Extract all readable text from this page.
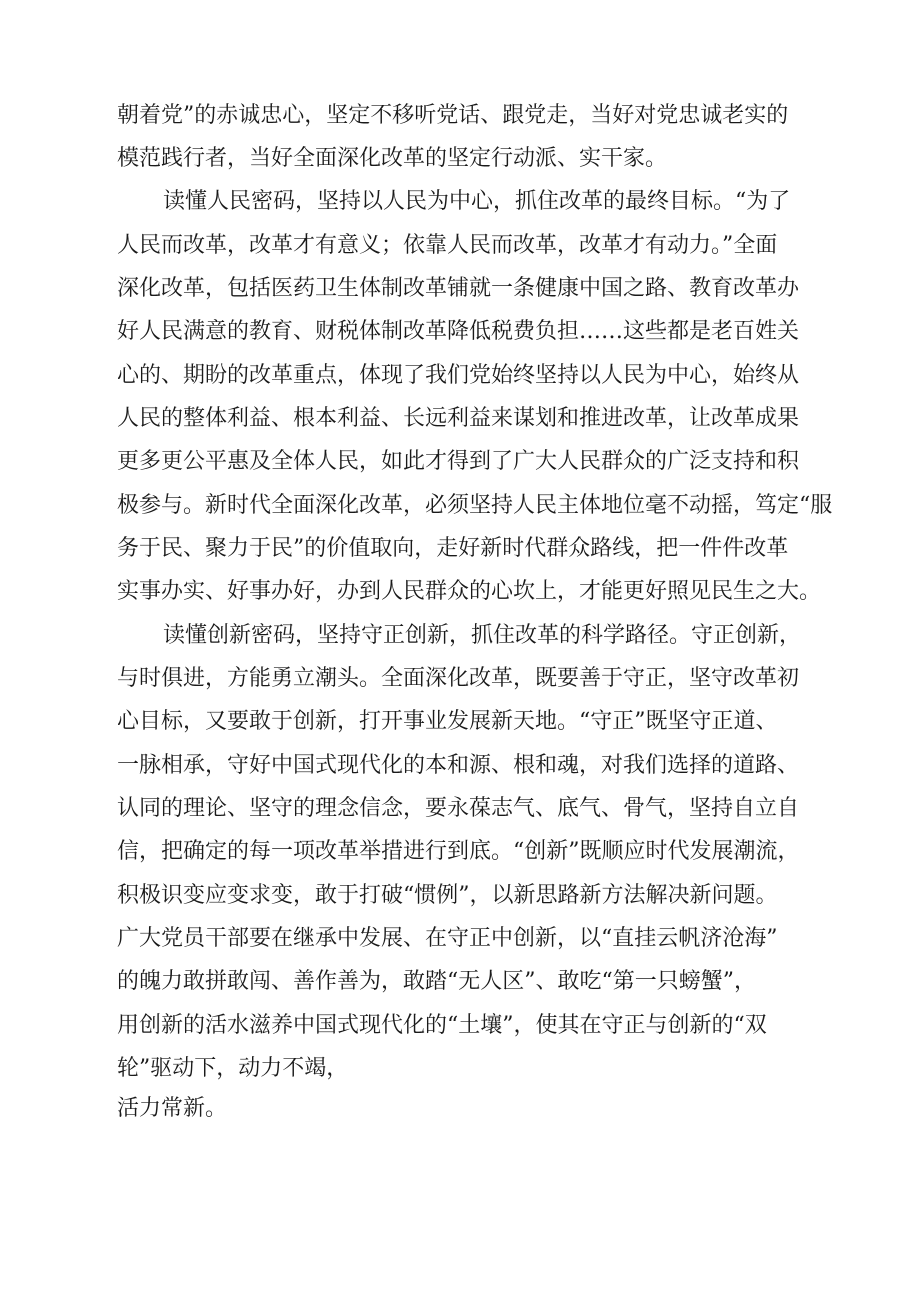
朝着党”的赤诚忠心，坚定不移听党话、跟党走，当好对党忠诚老实的
模范践行者，当好全面深化改革的坚定行动派、实干家。
读懂人民密码，坚持以人民为中心，抓住改革的最终目标。“为了
人民而改革，改革才有意义；依靠人民而改革，改革才有动力。”全面
深化改革，包括医药卫生体制改革铺就一条健康中国之路、教育改革办
好人民满意的教育、财税体制改革降低税费负担……这些都是老百姓关
心的、期盼的改革重点，体现了我们党始终坚持以人民为中心，始终从
人民的整体利益、根本利益、长远利益来谋划和推进改革，让改革成果
更多更公平惠及全体人民，如此才得到了广大人民群众的广泛支持和积
极参与。新时代全面深化改革，必须坚持人民主体地位毫不动摇，笃定“服
务于民、聚力于民”的价值取向，走好新时代群众路线，把一件件改革
实事办实、好事办好，办到人民群众的心坎上，才能更好照见民生之大。
读懂创新密码，坚持守正创新，抓住改革的科学路径。守正创新，
与时俱进，方能勇立潮头。全面深化改革，既要善于守正，坚守改革初
心目标，又要敢于创新，打开事业发展新天地。“守正”既坚守正道、
一脉相承，守好中国式现代化的本和源、根和魂，对我们选择的道路、
认同的理论、坚守的理念信念，要永葆志气、底气、骨气，坚持自立自
信，把确定的每一项改革举措进行到底。“创新”既顺应时代发展潮流，
积极识变应变求变，敢于打破“惯例”，以新思路新方法解决新问题。
广大党员干部要在继承中发展、在守正中创新，以“直挂云帆济沧海”
的魄力敢拼敢闯、善作善为，敢踏“无人区”、敢吃“第一只螃蟹”，
用创新的活水滋养中国式现代化的“土壤”，使其在守正与创新的“双
轮”驱动下，动力不竭，
活力常新。
